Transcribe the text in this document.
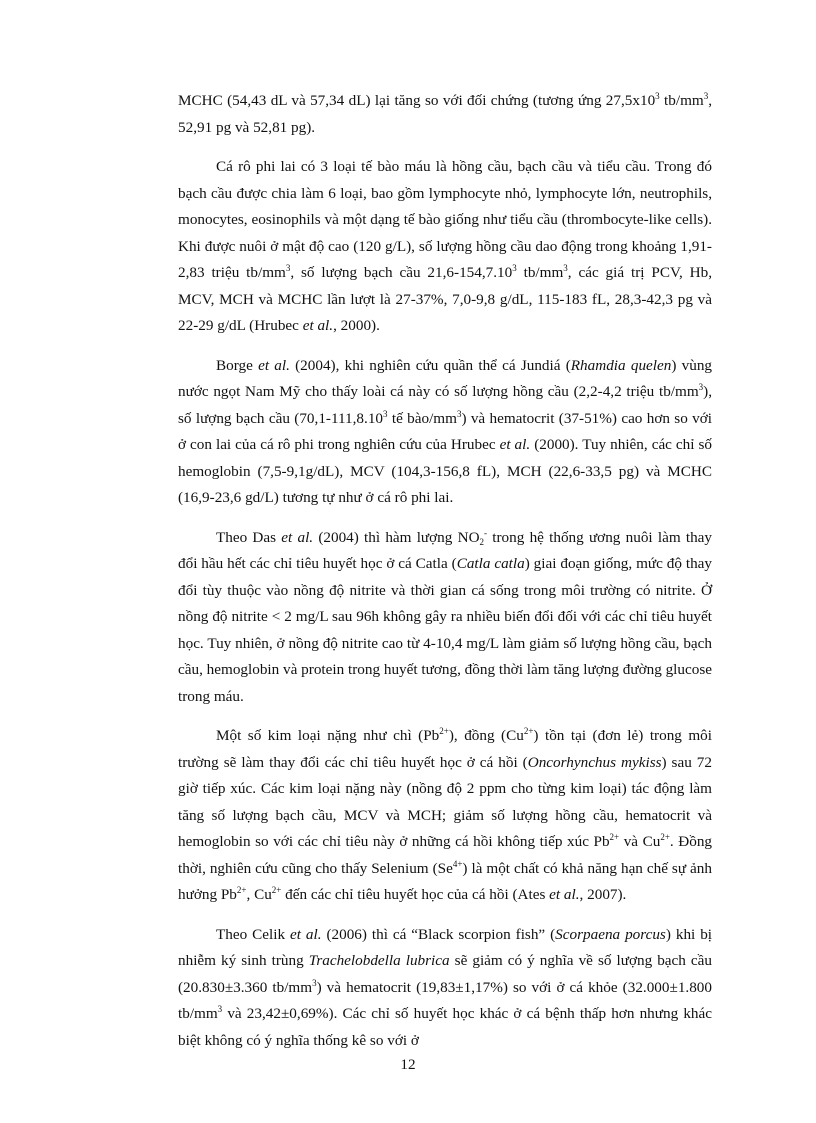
MCHC (54,43 dL và 57,34 dL) lại tăng so với đối chứng (tương ứng $27,5x10^3$ $tb/mm^3$, 52,91 pg và 52,81 pg).

Cá rô phi lai có 3 loại tế bào máu là hồng cầu, bạch cầu và tiểu cầu. Trong đó bạch cầu được chia làm 6 loại, bao gồm lymphocyte nhỏ, lymphocyte lớn, neutrophils, monocytes, eosinophils và một dạng tế bào giống như tiểu cầu (thrombocyte-like cells). Khi được nuôi ở mật độ cao (120 g/L), số lượng hồng cầu dao động trong khoảng 1,91-2,83 triệu $tb/mm^3$, số lượng bạch cầu 21,6-154,7.10$^3$ $tb/mm^3$, các giá trị PCV, Hb, MCV, MCH và MCHC lần lượt là 27-37%, 7,0-9,8 g/dL, 115-183 fL, 28,3-42,3 pg và 22-29 g/dL (Hrubec et al., 2000).

Borge et al. (2004), khi nghiên cứu quần thể cá Jundiá (Rhamdia quelen) vùng nước ngọt Nam Mỹ cho thấy loài cá này có số lượng hồng cầu (2,2-4,2 triệu $tb/mm^3$), số lượng bạch cầu (70,1-111,8.10$^3$ tế bào/$mm^3$) và hematocrit (37-51%) cao hơn so với ở con lai của cá rô phi trong nghiên cứu của Hrubec et al. (2000). Tuy nhiên, các chỉ số hemoglobin (7,5-9,1g/dL), MCV (104,3-156,8 fL), MCH (22,6-33,5 pg) và MCHC (16,9-23,6 gd/L) tương tự như ở cá rô phi lai.

Theo Das et al. (2004) thì hàm lượng $NO_2^-$ trong hệ thống ương nuôi làm thay đổi hầu hết các chỉ tiêu huyết học ở cá Catla (Catla catla) giai đoạn giống, mức độ thay đổi tùy thuộc vào nồng độ nitrite và thời gian cá sống trong môi trường có nitrite. Ở nồng độ nitrite < 2 mg/L sau 96h không gây ra nhiều biến đổi đối với các chỉ tiêu huyết học. Tuy nhiên, ở nồng độ nitrite cao từ 4-10,4 mg/L làm giảm số lượng hồng cầu, bạch cầu, hemoglobin và protein trong huyết tương, đồng thời làm tăng lượng đường glucose trong máu.

Một số kim loại nặng như chì $(Pb^{2+})$, đồng $(Cu^{2+})$ tồn tại (đơn lẻ) trong môi trường sẽ làm thay đổi các chỉ tiêu huyết học ở cá hồi (Oncorhynchus mykiss) sau 72 giờ tiếp xúc. Các kim loại nặng này (nồng độ 2 ppm cho từng kim loại) tác động làm tăng số lượng bạch cầu, MCV và MCH; giảm số lượng hồng cầu, hematocrit và hemoglobin so với các chỉ tiêu này ở những cá hồi không tiếp xúc $Pb^{2+}$ và $Cu^{2+}$. Đồng thời, nghiên cứu cũng cho thấy Selenium $(Se^{4+})$ là một chất có khả năng hạn chế sự ảnh hưởng $Pb^{2+}$, $Cu^{2+}$ đến các chỉ tiêu huyết học của cá hồi (Ates et al., 2007).

Theo Celik et al. (2006) thì cá “Black scorpion fish” (Scorpaena porcus) khi bị nhiễm ký sinh trùng Trachelobdella lubrica sẽ giảm có ý nghĩa về số lượng bạch cầu (20.830±3.360 $tb/mm^3$) và hematocrit (19,83±1,17%) so với ở cá khỏe (32.000±1.800 $tb/mm^3$ và 23,42±0,69%). Các chỉ số huyết học khác ở cá bệnh thấp hơn nhưng khác biệt không có ý nghĩa thống kê so với ở

12
